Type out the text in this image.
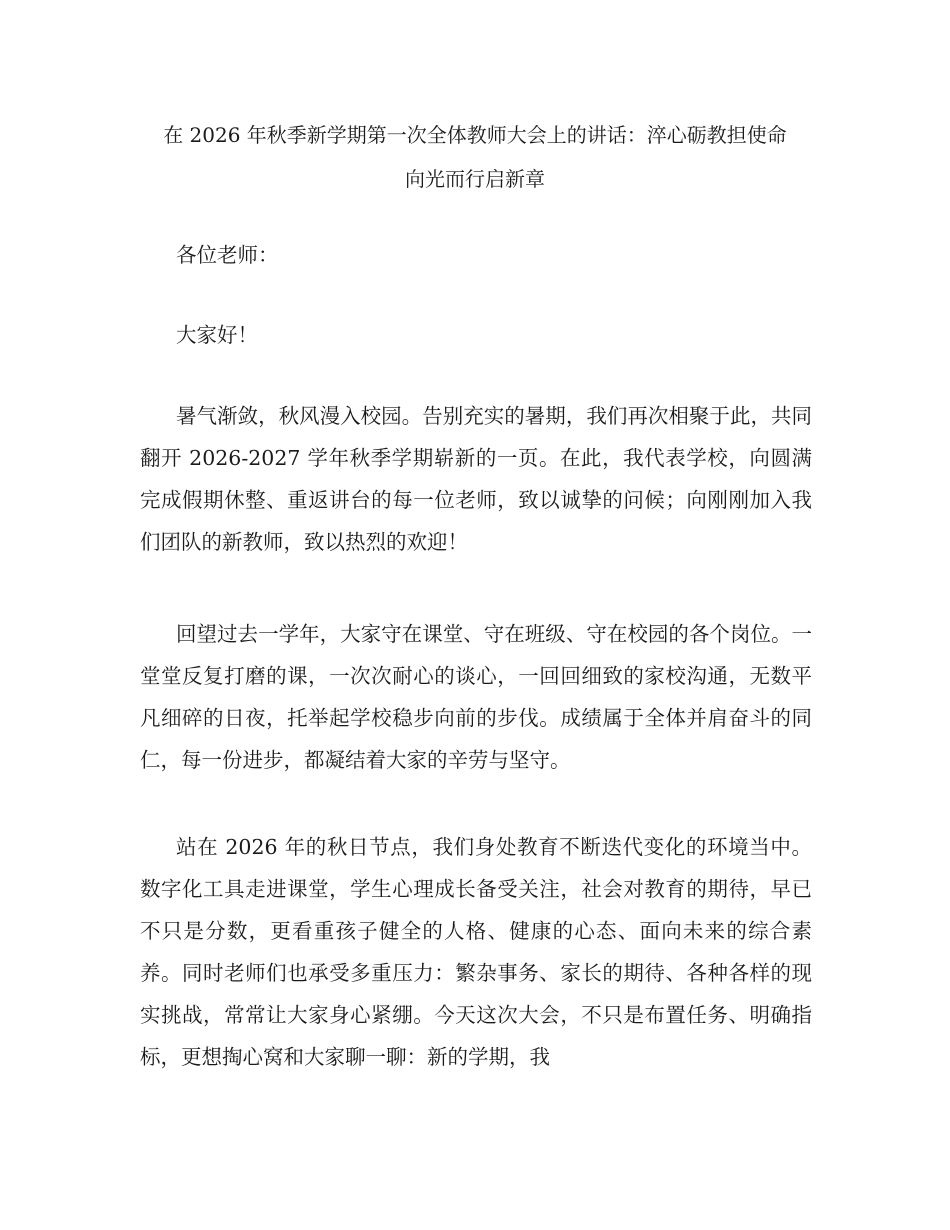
在 2026 年秋季新学期第一次全体教师大会上的讲话：淬心砺教担使命
向光而行启新章

各位老师：

大家好！

暑气渐敛，秋风漫入校园。告别充实的暑期，我们再次相聚于此，共同翻开 2026-2027 学年秋季学期崭新的一页。在此，我代表学校，向圆满完成假期休整、重返讲台的每一位老师，致以诚挚的问候；向刚刚加入我们团队的新教师，致以热烈的欢迎！

回望过去一学年，大家守在课堂、守在班级、守在校园的各个岗位。一堂堂反复打磨的课，一次次耐心的谈心，一回回细致的家校沟通，无数平凡细碎的日夜，托举起学校稳步向前的步伐。成绩属于全体并肩奋斗的同仁，每一份进步，都凝结着大家的辛劳与坚守。

站在 2026 年的秋日节点，我们身处教育不断迭代变化的环境当中。数字化工具走进课堂，学生心理成长备受关注，社会对教育的期待，早已不只是分数，更看重孩子健全的人格、健康的心态、面向未来的综合素养。同时老师们也承受多重压力：繁杂事务、家长的期待、各种各样的现实挑战，常常让大家身心紧绷。今天这次大会，不只是布置任务、明确指标，更想掏心窝和大家聊一聊：新的学期，我
